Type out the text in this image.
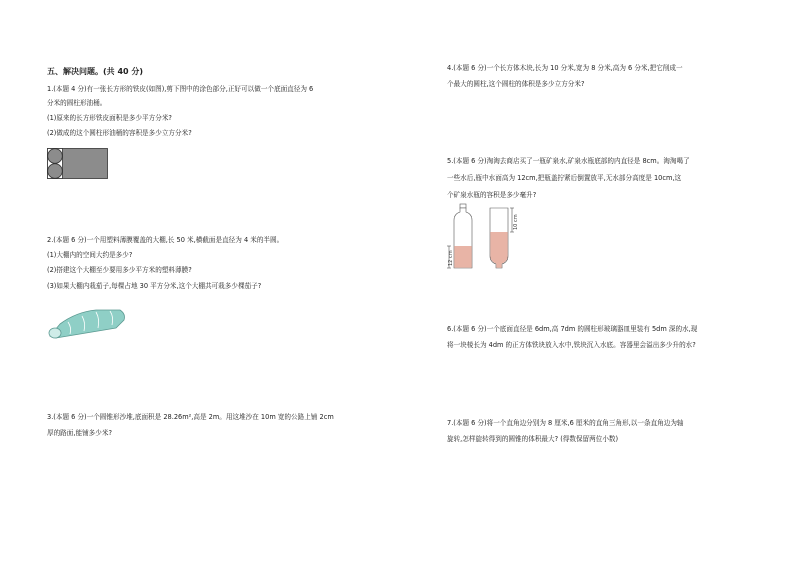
五、解决问题。(共 40 分)
1.(本题 4 分)有一张长方形的铁皮(如图),剪下图中的涂色部分,正好可以做一个底面直径为 6
分米的圆柱形油桶。
(1)原来的长方形铁皮面积是多少平方分米?
(2)做成的这个圆柱形油桶的容积是多少立方分米?
2.(本题 6 分)一个用塑料薄膜覆盖的大棚,长 50 米,横截面是直径为 4 米的半圆。
(1)大棚内的空间大约是多少?
(2)搭建这个大棚至少要用多少平方米的塑料薄膜?
(3)如果大棚内栽茄子,每棵占地 30 平方分米,这个大棚共可栽多少棵茄子?
3.(本题 6 分)一个圆锥形沙堆,底面积是 28.26m²,高是 2m。用这堆沙在 10m 宽的公路上铺 2cm
厚的路面,能铺多少米?
4.(本题 6 分)一个长方体木块,长为 10 分米,宽为 8 分米,高为 6 分米,把它削成一
个最大的圆柱,这个圆柱的体积是多少立方分米?
5.(本题 6 分)淘淘去商店买了一瓶矿泉水,矿泉水瓶底部的内直径是 8cm。淘淘喝了
一些水后,瓶中水面高为 12cm,把瓶盖拧紧后倒置放平,无水部分高度是 10cm,这
个矿泉水瓶的容积是多少毫升?
12 cm
10 cm
6.(本题 6 分)一个底面直径是 6dm,高 7dm 的圆柱形玻璃器皿里装有 5dm 深的水,现
将一块棱长为 4dm 的正方体铁块放入水中,铁块沉入水底。容器里会溢出多少升的水?
7.(本题 6 分)将一个直角边分别为 8 厘米,6 厘米的直角三角形,以一条直角边为轴
旋转,怎样旋转得到的圆锥的体积最大? (得数保留两位小数)
